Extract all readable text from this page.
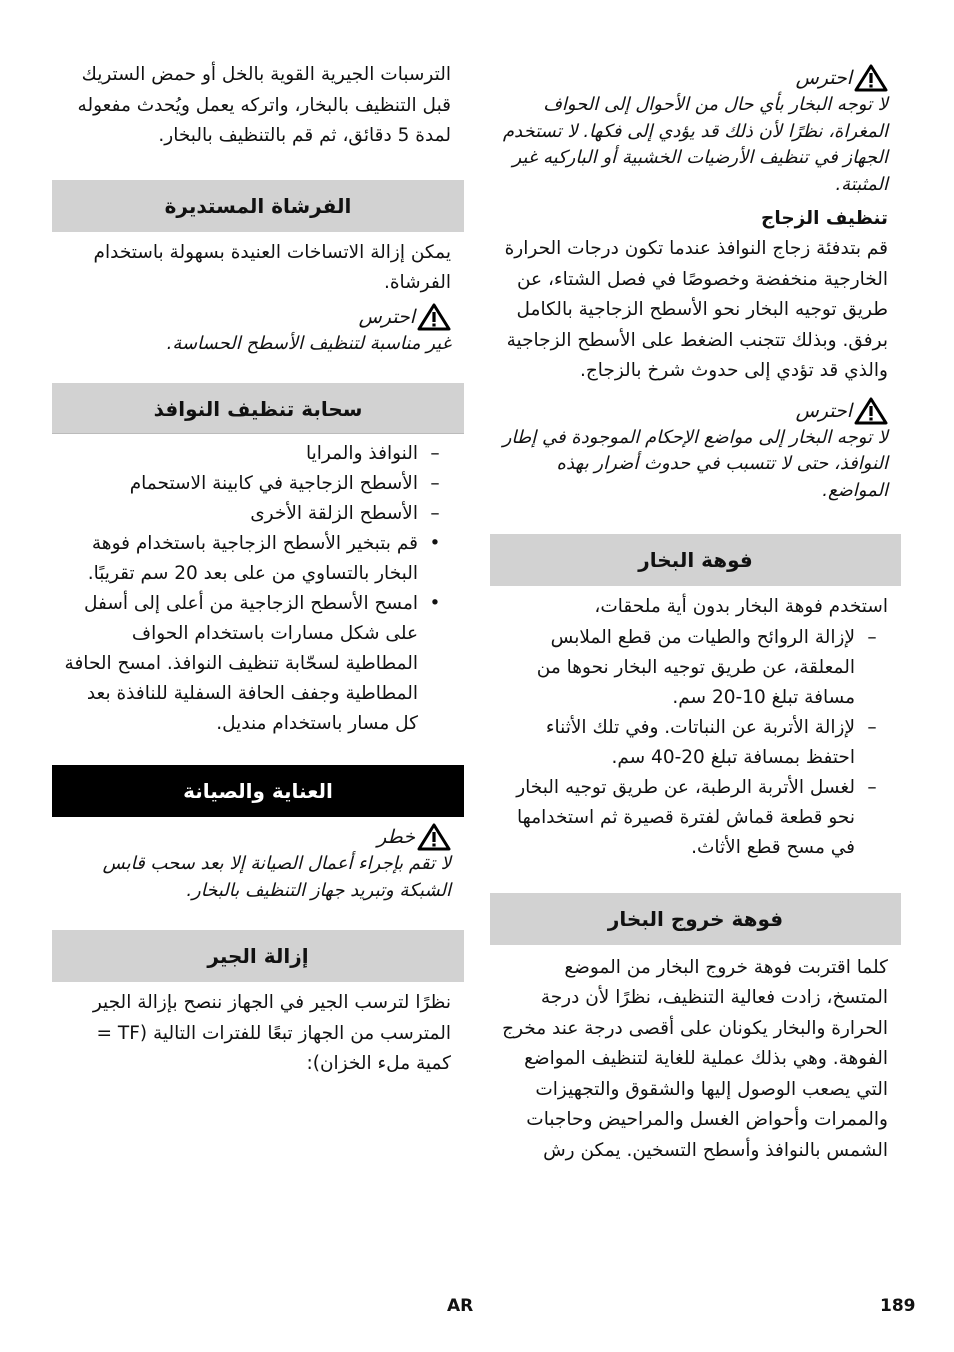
احترس

لا توجه البخار بأي حال من الأحوال إلى الحواف المغراة، نظرًا لأن ذلك قد يؤدي إلى فكها. لا تستخدم الجهاز في تنظيف الأرضيات الخشبية أو الباركيه غير المثبتة.

تنظيف الزجاج

قم بتدفئة زجاج النوافذ عندما تكون درجات الحرارة الخارجية منخفضة وخصوصًا في فصل الشتاء، عن طريق توجيه البخار نحو الأسطح الزجاجية بالكامل برفق. وبذلك تتجنب الضغط على الأسطح الزجاجية والذي قد تؤدي إلى حدوث شرخ بالزجاج.

احترس

لا توجه البخار إلى مواضع الإحكام الموجودة في إطار النوافذ، حتى لا تتسبب في حدوث أضرار بهذه المواضع.

فوهة البخار

استخدم فوهة البخار بدون أية ملحقات،

–
لإزالة الروائح والطيات من قطع الملابس المعلقة، عن طريق توجيه البخار نحوها من مسافة تبلغ 10-20 سم.
–
لإزالة الأتربة عن النباتات. وفي تلك الأثناء احتفظ بمسافة تبلغ 20-40 سم.
–
لغسل الأتربة الرطبة، عن طريق توجيه البخار نحو قطعة قماش لفترة قصيرة ثم استخدامها في مسح قطع الأثاث.
فوهة خروج البخار

كلما اقتربت فوهة خروج البخار من الموضع المتسخ، زادت فعالية التنظيف، نظرًا لأن درجة الحرارة والبخار يكونان على أقصى درجة عند مخرج الفوهة. وهي بذلك عملية للغاية لتنظيف المواضع التي يصعب الوصول إليها والشقوق والتجهيزات والممرات وأحواض الغسل والمراحيض وحاجبات الشمس بالنوافذ وأسطح التسخين. يمكن رش

الترسبات الجيرية القوية بالخل أو حمض الستريك قبل التنظيف بالبخار، واتركه يعمل ويُحدث مفعوله لمدة 5 دقائق، ثم قم بالتنظيف بالبخار.

الفرشاة المستديرة

يمكن إزالة الاتساخات العنيدة بسهولة باستخدام الفرشاة.

احترس

غير مناسبة لتنظيف الأسطح الحساسة.

سحابة تنظيف النوافذ
–
النوافذ والمرايا
–
الأسطح الزجاجية في كابينة الاستحمام
–
الأسطح الزلقة الأخرى
•
قم بتبخير الأسطح الزجاجية باستخدام فوهة البخار بالتساوي من على بعد 20 سم تقريبًا.
•
امسح الأسطح الزجاجية من أعلى إلى أسفل على شكل مسارات باستخدام الحواف المطاطية لسحّابة تنظيف النوافذ. امسح الحافة المطاطية وجفف الحافة السفلية للنافذة بعد كل مسار باستخدام منديل.
العناية والصيانة
خطر

لا تقم بإجراء أعمال الصيانة إلا بعد سحب قابس الشبكة وتبريد جهاز التنظيف بالبخار.

إزالة الجير

نظرًا لترسب الجير في الجهاز ننصح بإزالة الجير المترسب من الجهاز تبعًا للفترات التالية (TF = كمية ملء الخزان):

189
AR
